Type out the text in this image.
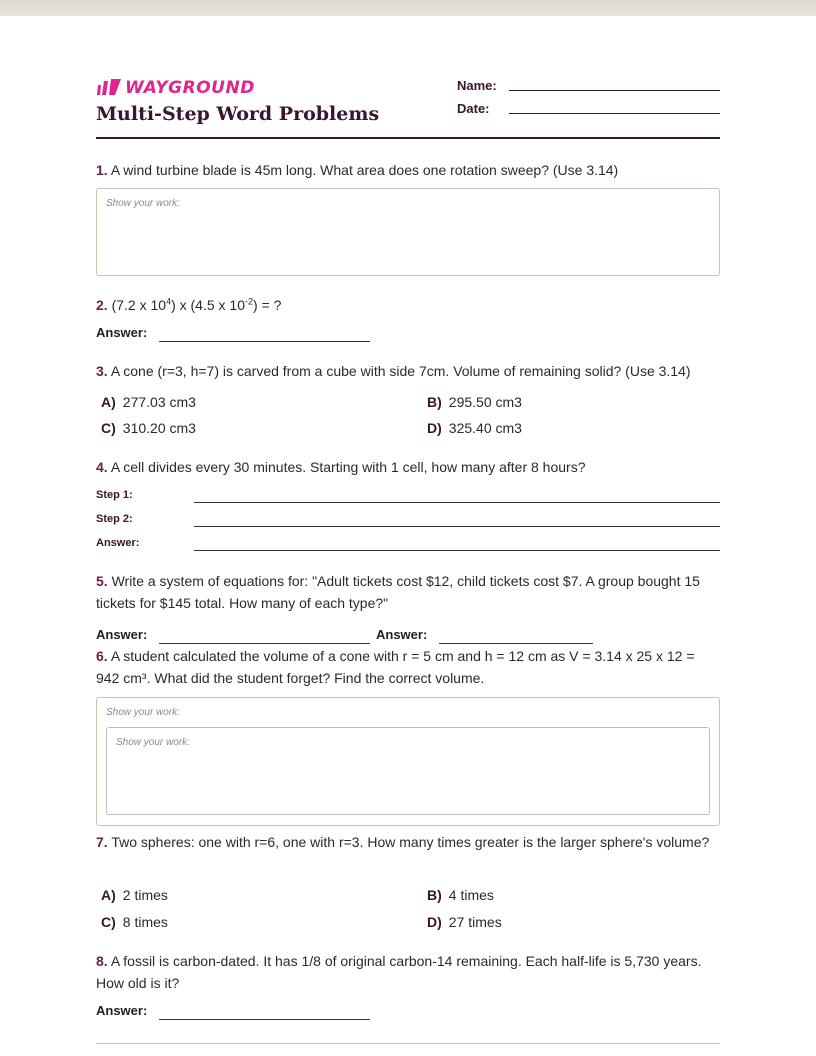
WAYGROUND
Multi-Step Word Problems
Name:
Date:
1. A wind turbine blade is 45m long. What area does one rotation sweep? (Use 3.14)
Show your work:
2. (7.2 x $10^4$) x (4.5 x $10^{-2}$) = ?
Answer:
3. A cone (r=3, h=7) is carved from a cube with side 7cm. Volume of remaining solid? (Use 3.14)
A) 277.03 cm3	B) 295.50 cm3
C) 310.20 cm3	D) 325.40 cm3
4. A cell divides every 30 minutes. Starting with 1 cell, how many after 8 hours?
Step 1:
Step 2:
Answer:
5. Write a system of equations for: "Adult tickets cost $12, child tickets cost $7. A group bought 15 tickets for $145 total. How many of each type?"
Answer:	Answer:
6. A student calculated the volume of a cone with r = 5 cm and h = 12 cm as V = 3.14 x 25 x 12 = 942 cm³. What did the student forget? Find the correct volume.
Show your work:
Show your work:
7. Two spheres: one with r=6, one with r=3. How many times greater is the larger sphere's volume?
A) 2 times	B) 4 times
C) 8 times	D) 27 times
8. A fossil is carbon-dated. It has 1/8 of original carbon-14 remaining. Each half-life is 5,730 years. How old is it?
Answer:
